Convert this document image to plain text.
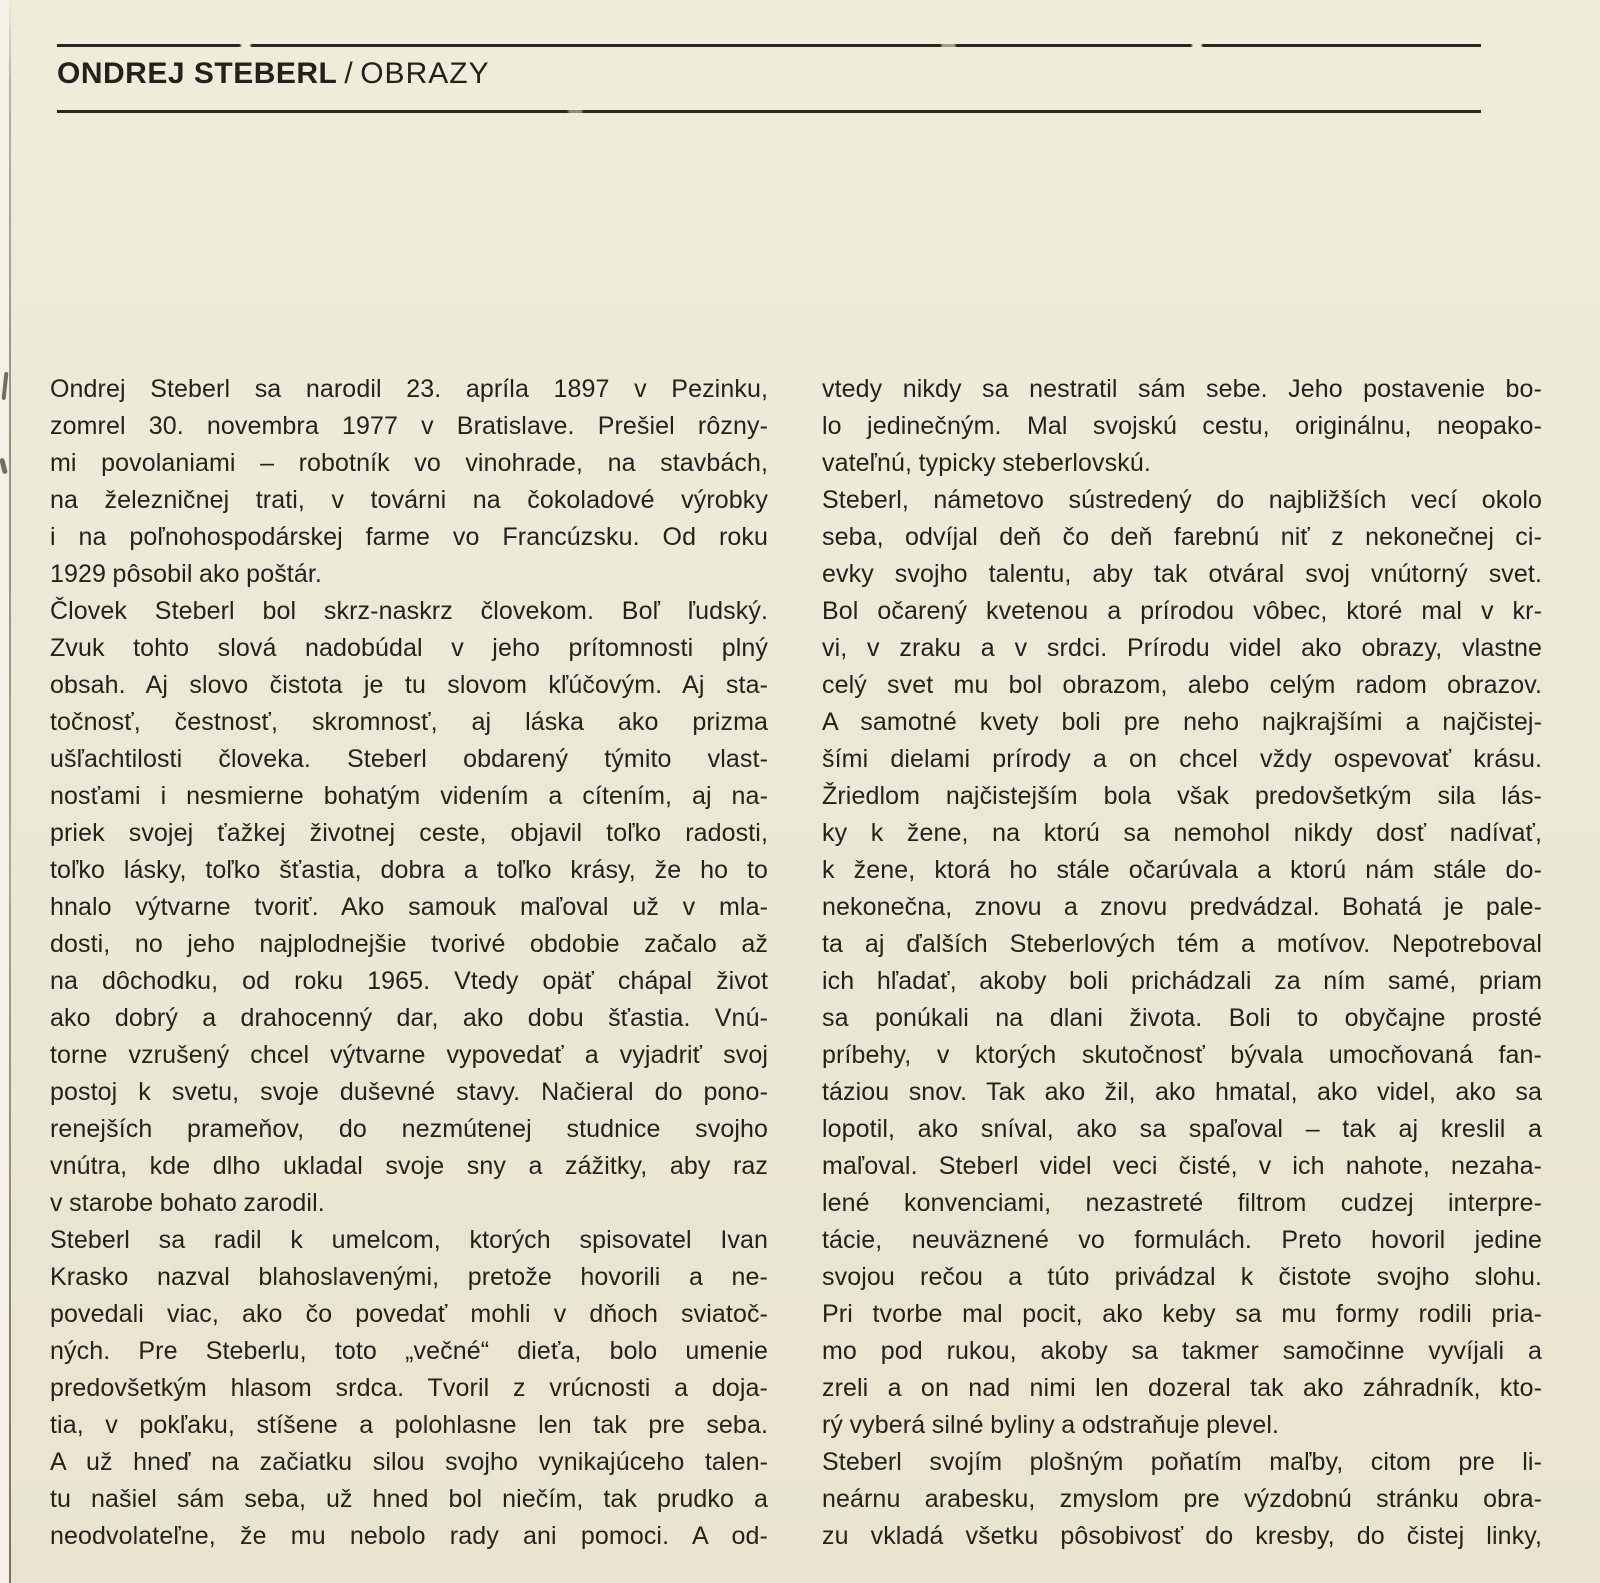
ONDREJ STEBERL / OBRAZY
Ondrej Steberl sa narodil 23. apríla 1897 v Pezinku,
zomrel 30. novembra 1977 v Bratislave. Prešiel rôzny-
mi povolaniami – robotník vo vinohrade, na stavbách,
na železničnej trati, v továrni na čokoladové výrobky
i na poľnohospodárskej farme vo Francúzsku. Od roku
1929 pôsobil ako poštár.
Človek Steberl bol skrz-naskrz človekom. Boľ ľudský.
Zvuk tohto slová nadobúdal v jeho prítomnosti plný
obsah. Aj slovo čistota je tu slovom kľúčovým. Aj sta-
točnosť, čestnosť, skromnosť, aj láska ako prizma
ušľachtilosti človeka. Steberl obdarený týmito vlast-
nosťami i nesmierne bohatým videním a cítením, aj na-
priek svojej ťažkej životnej ceste, objavil toľko radosti,
toľko lásky, toľko šťastia, dobra a toľko krásy, že ho to
hnalo výtvarne tvoriť. Ako samouk maľoval už v mla-
dosti, no jeho najplodnejšie tvorivé obdobie začalo až
na dôchodku, od roku 1965. Vtedy opäť chápal život
ako dobrý a drahocenný dar, ako dobu šťastia. Vnú-
torne vzrušený chcel výtvarne vypovedať a vyjadriť svoj
postoj k svetu, svoje duševné stavy. Načieral do pono-
renejších prameňov, do nezmútenej studnice svojho
vnútra, kde dlho ukladal svoje sny a zážitky, aby raz
v starobe bohato zarodil.
Steberl sa radil k umelcom, ktorých spisovatel Ivan
Krasko nazval blahoslavenými, pretože hovorili a ne-
povedali viac, ako čo povedať mohli v dňoch sviatoč-
ných. Pre Steberlu, toto „večné“ dieťa, bolo umenie
predovšetkým hlasom srdca. Tvoril z vrúcnosti a doja-
tia, v pokľaku, stíšene a polohlasne len tak pre seba.
A už hneď na začiatku silou svojho vynikajúceho talen-
tu našiel sám seba, už hned bol niečím, tak prudko a
neodvolateľne, že mu nebolo rady ani pomoci. A od-
vtedy nikdy sa nestratil sám sebe. Jeho postavenie bo-
lo jedinečným. Mal svojskú cestu, originálnu, neopako-
vateľnú, typicky steberlovskú.
Steberl, námetovo sústredený do najbližších vecí okolo
seba, odvíjal deň čo deň farebnú niť z nekonečnej ci-
evky svojho talentu, aby tak otváral svoj vnútorný svet.
Bol očarený kvetenou a prírodou vôbec, ktoré mal v kr-
vi, v zraku a v srdci. Prírodu videl ako obrazy, vlastne
celý svet mu bol obrazom, alebo celým radom obrazov.
A samotné kvety boli pre neho najkrajšími a najčistej-
šími dielami prírody a on chcel vždy ospevovať krásu.
Žriedlom najčistejším bola však predovšetkým sila lás-
ky k žene, na ktorú sa nemohol nikdy dosť nadívať,
k žene, ktorá ho stále očarúvala a ktorú nám stále do-
nekonečna, znovu a znovu predvádzal. Bohatá je pale-
ta aj ďalších Steberlových tém a motívov. Nepotreboval
ich hľadať, akoby boli prichádzali za ním samé, priam
sa ponúkali na dlani života. Boli to obyčajne prosté
príbehy, v ktorých skutočnosť bývala umocňovaná fan-
táziou snov. Tak ako žil, ako hmatal, ako videl, ako sa
lopotil, ako sníval, ako sa spaľoval – tak aj kreslil a
maľoval. Steberl videl veci čisté, v ich nahote, nezaha-
lené konvenciami, nezastreté filtrom cudzej interpre-
tácie, neuväznené vo formulách. Preto hovoril jedine
svojou rečou a túto privádzal k čistote svojho slohu.
Pri tvorbe mal pocit, ako keby sa mu formy rodili pria-
mo pod rukou, akoby sa takmer samočinne vyvíjali a
zreli a on nad nimi len dozeral tak ako záhradník, kto-
rý vyberá silné byliny a odstraňuje plevel.
Steberl svojím plošným poňatím maľby, citom pre li-
neárnu arabesku, zmyslom pre výzdobnú stránku obra-
zu vkladá všetku pôsobivosť do kresby, do čistej linky,
